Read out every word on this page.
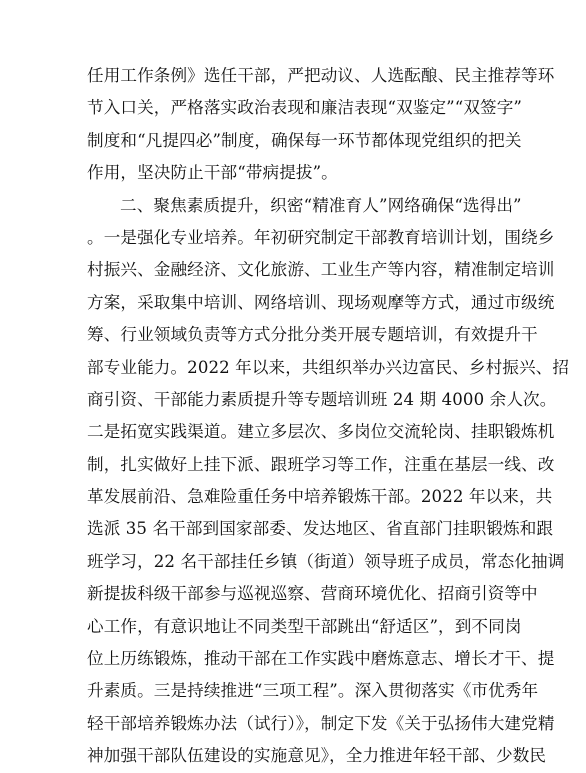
任用工作条例》选任干部，严把动议、人选酝酿、民主推荐等环
节入口关，严格落实政治表现和廉洁表现“双鉴定”“双签字”
制度和“凡提四必”制度，确保每一环节都体现党组织的把关
作用，坚决防止干部“带病提拔”。
二、聚焦素质提升，织密“精准育人”网络确保“选得出”
。一是强化专业培养。年初研究制定干部教育培训计划，围绕乡
村振兴、金融经济、文化旅游、工业生产等内容，精准制定培训
方案，采取集中培训、网络培训、现场观摩等方式，通过市级统
筹、行业领域负责等方式分批分类开展专题培训，有效提升干
部专业能力。2022 年以来，共组织举办兴边富民、乡村振兴、招
商引资、干部能力素质提升等专题培训班 24 期 4000 余人次。
二是拓宽实践渠道。建立多层次、多岗位交流轮岗、挂职锻炼机
制，扎实做好上挂下派、跟班学习等工作，注重在基层一线、改
革发展前沿、急难险重任务中培养锻炼干部。2022 年以来，共
选派 35 名干部到国家部委、发达地区、省直部门挂职锻炼和跟
班学习，22 名干部挂任乡镇（街道）领导班子成员，常态化抽调
新提拔科级干部参与巡视巡察、营商环境优化、招商引资等中
心工作，有意识地让不同类型干部跳出“舒适区”，到不同岗
位上历练锻炼，推动干部在工作实践中磨炼意志、增长才干、提
升素质。三是持续推进“三项工程”。深入贯彻落实《市优秀年
轻干部培养锻炼办法（试行）》，制定下发《关于弘扬伟大建党精
神加强干部队伍建设的实施意见》，全力推进年轻干部、少数民
